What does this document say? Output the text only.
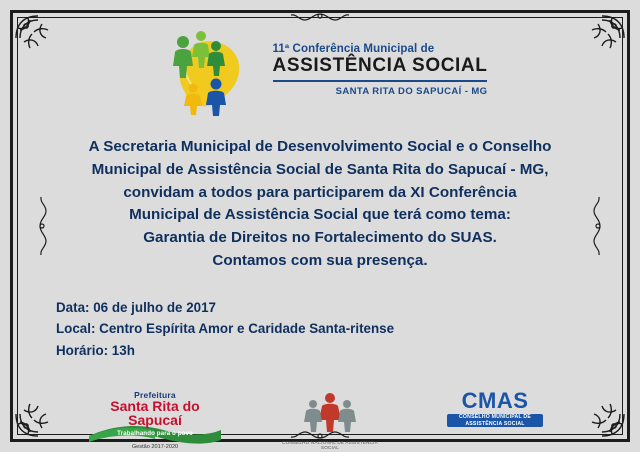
11ª Conferência Municipal de
ASSISTÊNCIA SOCIAL
SANTA RITA DO SAPUCAÍ - MG

A Secretaria Municipal de Desenvolvimento Social e o Conselho

Municipal de Assistência Social de Santa Rita do Sapucaí - MG,

convidam a todos para participarem da XI Conferência

Municipal de Assistência Social que terá como tema:

Garantia de Direitos no Fortalecimento do SUAS.

Contamos com sua presença.

Data: 06 de julho de 2017
Local: Centro Espírita Amor e Caridade Santa-ritense
Horário: 13h
Prefeitura
Santa Rita do Sapucaí
Trabalhando para o povo
Gestão 2017-2020
CONSELHO NACIONAL DE ASSISTÊNCIA SOCIAL
CMAS
CONSELHO MUNICIPAL DE
ASSISTÊNCIA SOCIAL
